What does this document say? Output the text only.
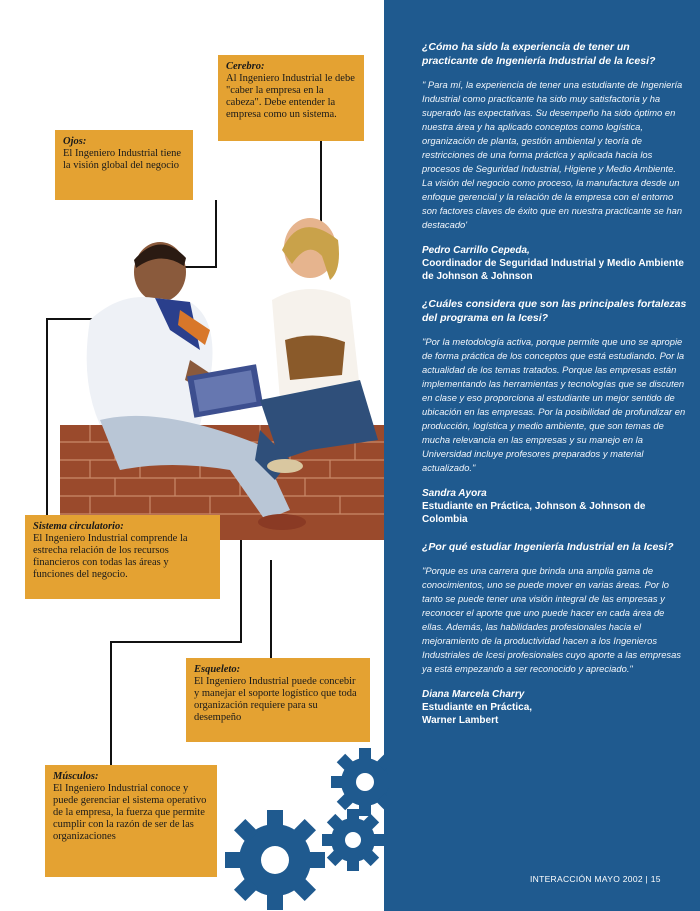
Cerebro:
Al Ingeniero Industrial le debe "caber la empresa en la cabeza". Debe entender la empresa como un sistema.
Ojos:
El Ingeniero Industrial tiene la visión global del negocio
Sistema circulatorio:
El Ingeniero Industrial comprende la estrecha relación de los recursos financieros con todas las áreas y funciones del negocio.
Esqueleto:
El Ingeniero Industrial puede concebir y manejar el soporte logístico que toda organización requiere para su desempeño
Músculos:
El Ingeniero Industrial conoce y puede gerenciar el sistema operativo de la empresa, la fuerza que permite cumplir con la razón de ser de las organizaciones
¿Cómo ha sido la experiencia de tener un practicante de Ingeniería Industrial de la Icesi?
" Para mí, la experiencia de tener una estudiante de Ingeniería Industrial como practicante ha sido muy satisfactoria y ha superado las expectativas. Su desempeño ha sido óptimo en nuestra área y ha aplicado conceptos como logística, organización de planta, gestión ambiental y teoría de restricciones de una forma práctica y aplicada hacia los procesos de Seguridad Industrial, Higiene y Medio Ambiente. La visión del negocio como proceso, la manufactura desde un enfoque gerencial y la relación de la empresa con el entorno son factores claves de éxito que en nuestra practicante se han destacado'
Pedro Carrillo Cepeda,
Coordinador de Seguridad Industrial y Medio Ambiente de Johnson & Johnson
¿Cuáles considera que son las principales fortalezas del programa en la Icesi?
"Por la metodología activa, porque permite que uno se apropie de forma práctica de los conceptos que está estudiando. Por la actualidad de los temas tratados. Porque las empresas están implementando las herramientas y tecnologías que se discuten en clase y eso proporciona al estudiante un mejor sentido de ubicación en las empresas. Por la posibilidad de profundizar en producción, logística y medio ambiente, que son temas de mucha relevancia en las empresas y su manejo en la Universidad incluye profesores preparados y material actualizado."
Sandra Ayora
Estudiante en Práctica, Johnson & Johnson de Colombia
¿Por qué estudiar Ingeniería Industrial en la Icesi?
"Porque es una carrera que brinda una amplia gama de conocimientos, uno se puede mover en varias áreas. Por lo tanto se puede tener una visión integral de las empresas y reconocer el aporte que uno puede hacer en cada área de ellas. Además, las habilidades profesionales hacia el mejoramiento de la productividad hacen a los Ingenieros Industriales de Icesi profesionales cuyo aporte a las empresas ya está empezando a ser reconocido y apreciado."
Diana Marcela Charry
Estudiante en Práctica,
Warner Lambert
INTERACCIÓN MAYO 2002 | 15
